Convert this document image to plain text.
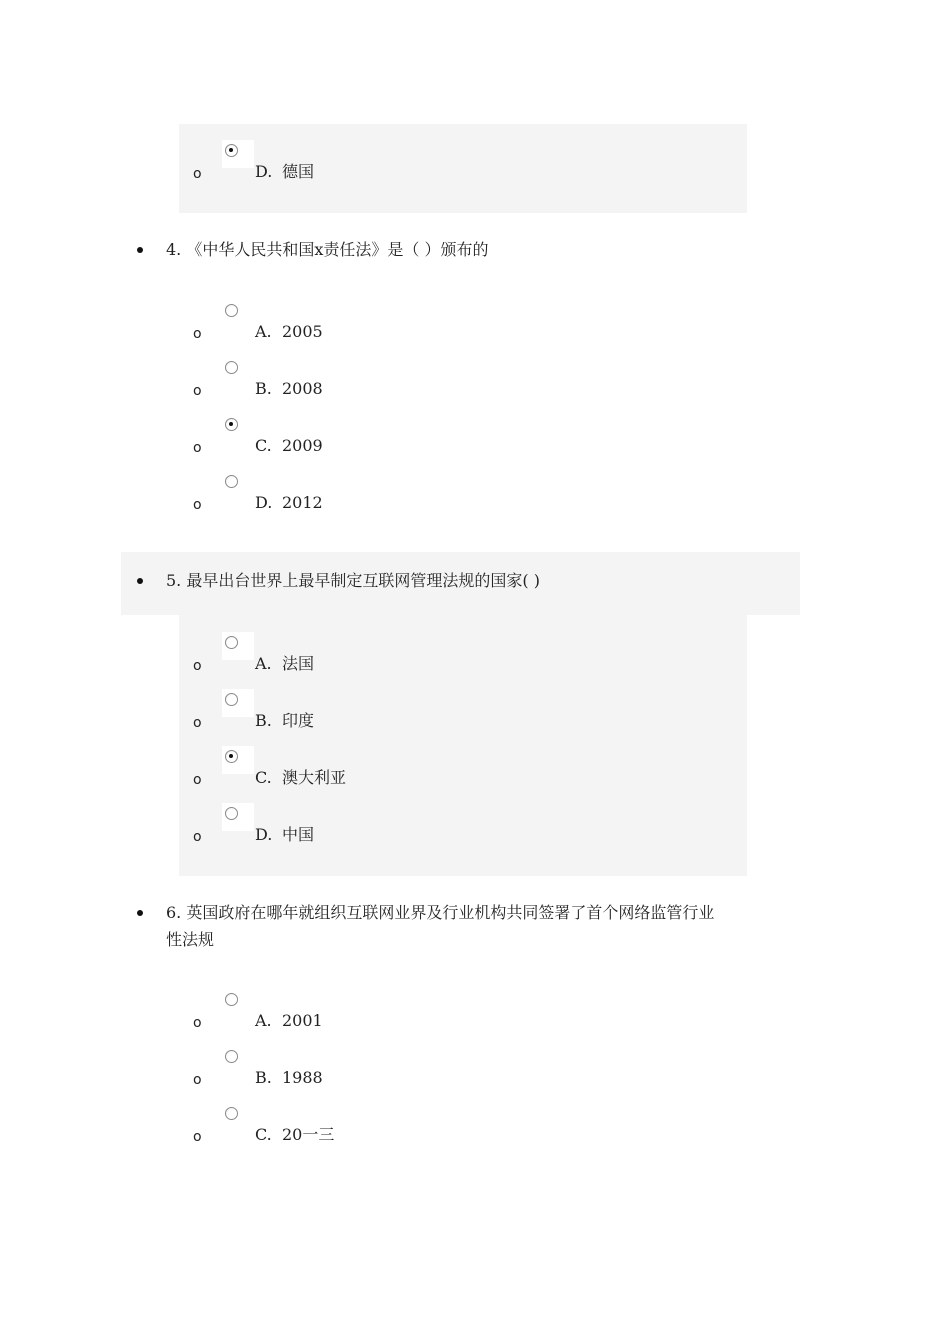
o	D. 德国
4. 《中华人民共和国x责任法》是（ ）颁布的
o	A. 2005
o	B. 2008
o	C. 2009
o	D. 2012
5. 最早出台世界上最早制定互联网管理法规的国家( )
o	A. 法国
o	B. 印度
o	C. 澳大利亚
o	D. 中国
6. 英国政府在哪年就组织互联网业界及行业机构共同签署了首个网络监管行业
性法规
o	A. 2001
o	B. 1988
o	C. 20一三
